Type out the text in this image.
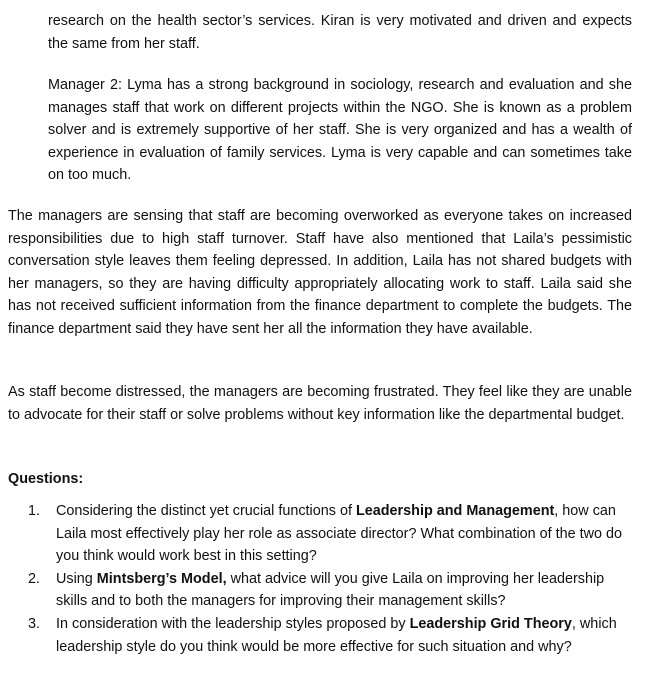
research on the health sector’s services. Kiran is very motivated and driven and expects the same from her staff.

Manager 2: Lyma has a strong background in sociology, research and evaluation and she manages staff that work on different projects within the NGO. She is known as a problem solver and is extremely supportive of her staff. She is very organized and has a wealth of experience in evaluation of family services. Lyma is very capable and can sometimes take on too much.

The managers are sensing that staff are becoming overworked as everyone takes on increased responsibilities due to high staff turnover. Staff have also mentioned that Laila’s pessimistic conversation style leaves them feeling depressed. In addition, Laila has not shared budgets with her managers, so they are having difficulty appropriately allocating work to staff. Laila said she has not received sufficient information from the finance department to complete the budgets. The finance department said they have sent her all the information they have available.

As staff become distressed, the managers are becoming frustrated. They feel like they are unable to advocate for their staff or solve problems without key information like the departmental budget.

Questions:
1. Considering the distinct yet crucial functions of Leadership and Management, how can Laila most effectively play her role as associate director? What combination of the two do you think would work best in this setting?
2. Using Mintsberg’s Model, what advice will you give Laila on improving her leadership skills and to both the managers for improving their management skills?
3. In consideration with the leadership styles proposed by Leadership Grid Theory, which leadership style do you think would be more effective for such situation and why?
